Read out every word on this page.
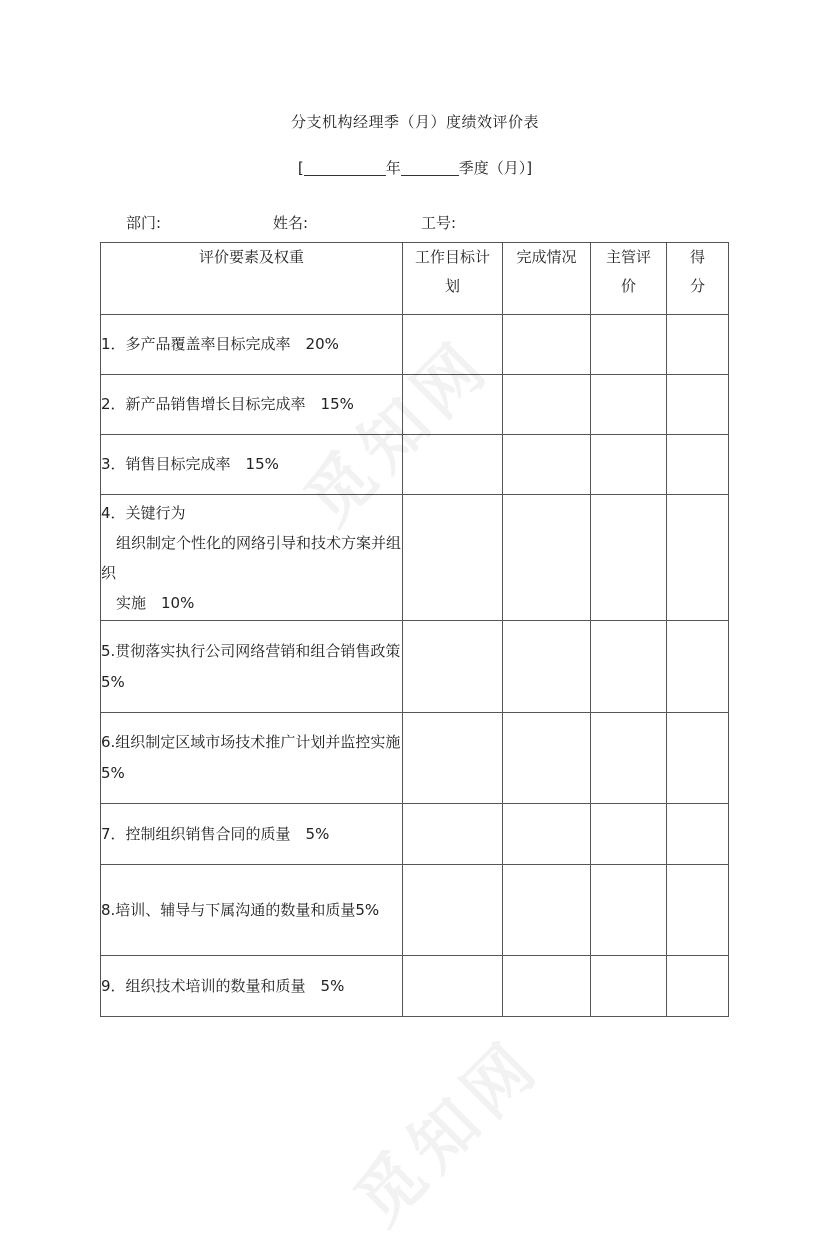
分支机构经理季（月）度绩效评价表
[	年	季度（月）]
部门:	姓名:	工号:
评价要素及权重	工作目标计划	完成情况	主管评价	得分
1．多产品覆盖率目标完成率　20%				
2．新产品销售增长目标完成率　15%				
3．销售目标完成率　15%				

4．关键行为
　组织制定个性化的网络引导和技术方案并组织
　实施　10%				

5.贯彻落实执行公司网络营销和组合销售政策　5%				
6.组织制定区域市场技术推广计划并监控实施　5%				
7．控制组织销售合同的质量　5%				
8.培训、辅导与下属沟通的数量和质量5%				
9．组织技术培训的数量和质量　5%				
觅知网
觅知网
